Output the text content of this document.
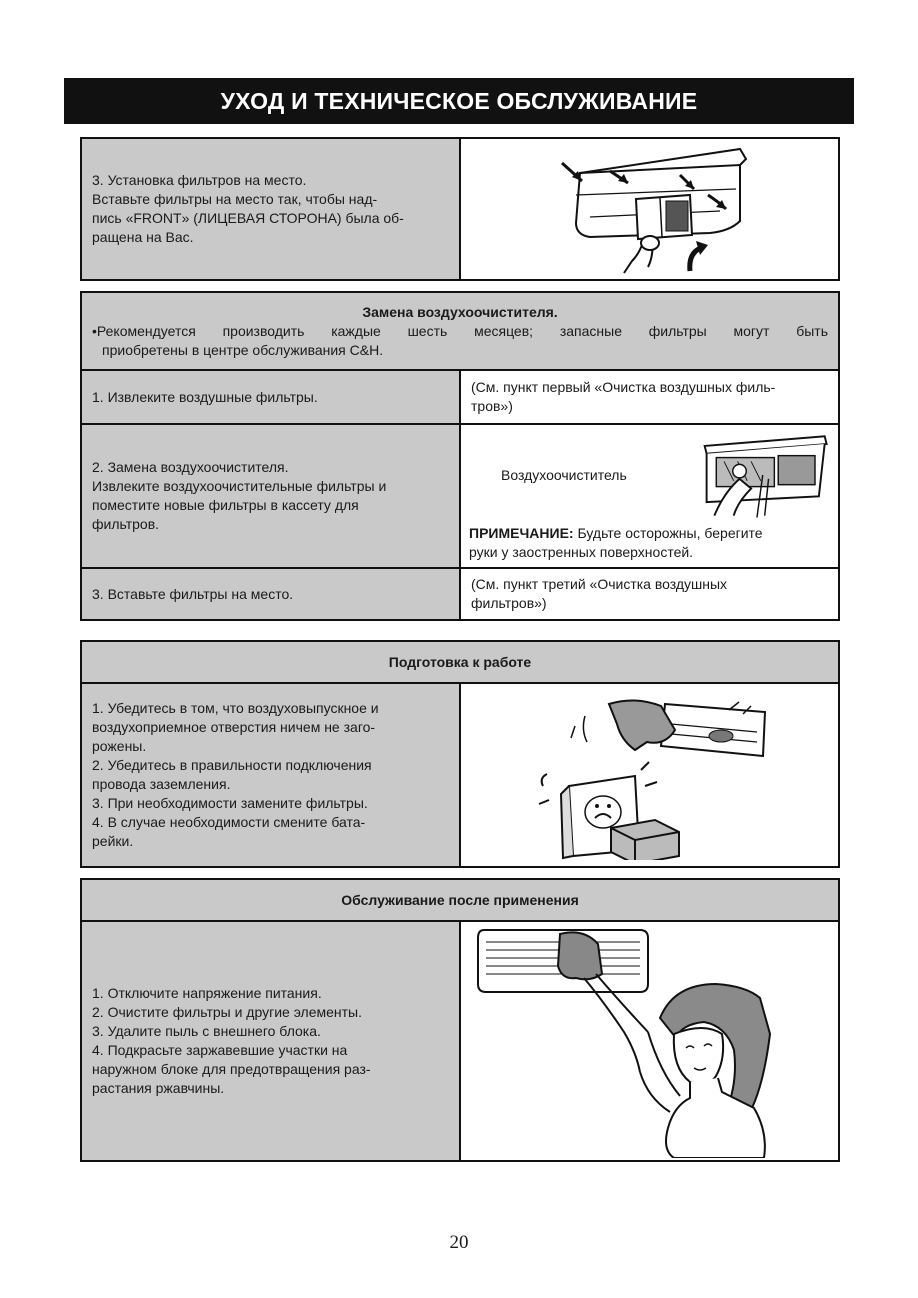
УХОД И ТЕХНИЧЕСКОЕ ОБСЛУЖИВАНИЕ
3. Установка фильтров на место.
Вставьте фильтры на место так, чтобы над-
пись «FRONT» (ЛИЦЕВАЯ СТОРОНА) была об-
ращена на Вас.

Замена воздухоочистителя.
•Рекомендуется производить каждые шесть месяцев; запасные фильтры могут быть
приобретены в центре обслуживания C&H.	

1. Извлеките воздушные фильтры.	(См. пункт первый «Очистка воздушных филь-
тров»)

2. Замена воздухоочистителя.
Извлеките воздухоочистительные фильтры и
поместите новые фильтры в кассету для
фильтров.	Воздухоочиститель
ПРИМЕЧАНИЕ: Будьте осторожны, берегите
руки у заостренных поверхностей.

3. Вставьте фильтры на место.	(См. пункт третий «Очистка воздушных
фильтров»)
Подготовка к работе

1. Убедитесь в том, что воздуховыпускное и
воздухоприемное отверстия ничем не заго-
рожены.
2. Убедитесь в правильности подключения
провода заземления.
3. При необходимости замените фильтры.
4. В случае необходимости смените бата-
рейки.

Обслуживание после применения

1. Отключите напряжение питания.
2. Очистите фильтры и другие элементы.
3. Удалите пыль с внешнего блока.
4. Подкрасьте заржавевшие участки на
наружном блоке для предотвращения раз-
растания ржавчины.

20
